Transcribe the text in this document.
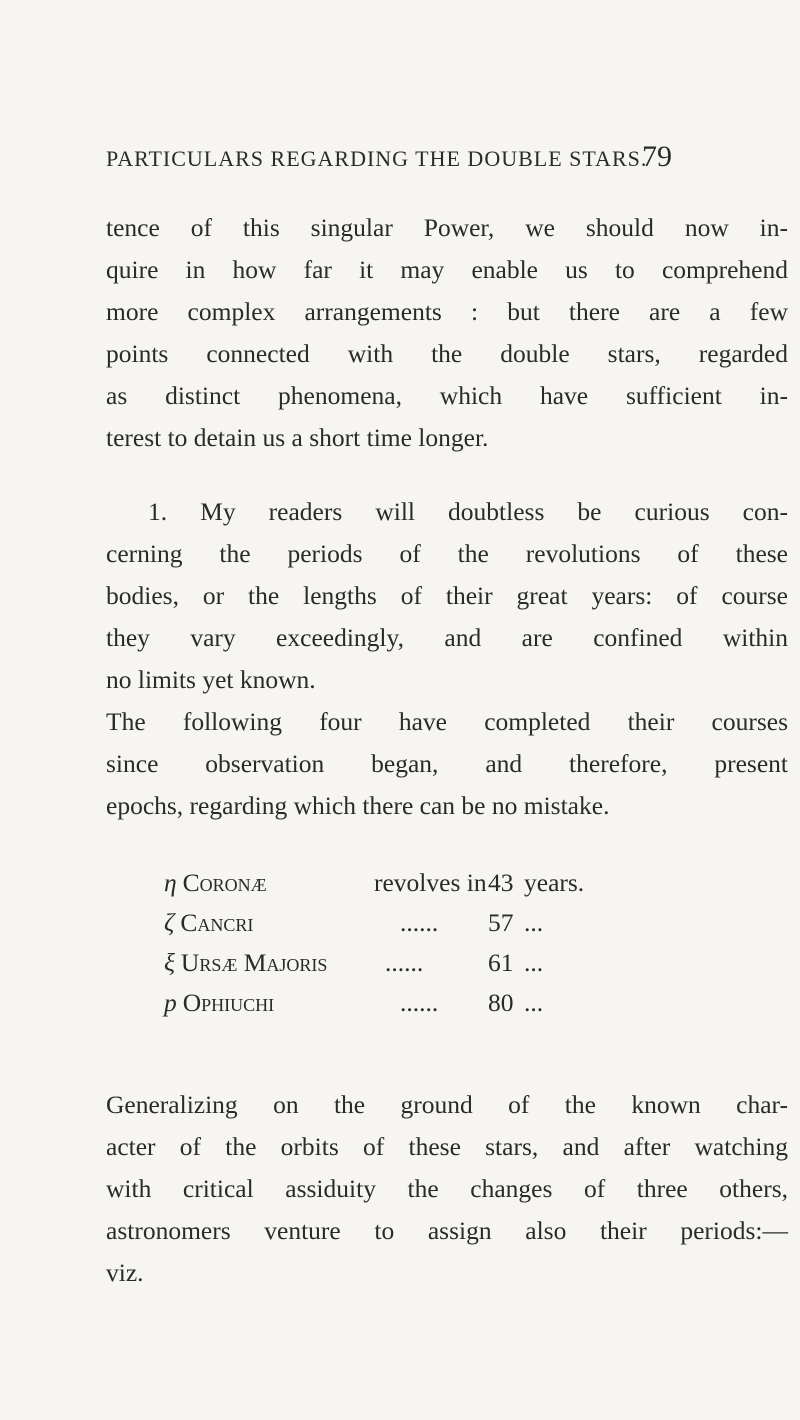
PARTICULARS REGARDING THE DOUBLE STARS.
79
tence of this singular Power, we should now in-
quire in how far it may enable us to comprehend
more complex arrangements : but there are a few
points connected with the double stars, regarded
as distinct phenomena, which have sufficient in-
terest to detain us a short time longer.
1. My readers will doubtless be curious con-
cerning the periods of the revolutions of these
bodies, or the lengths of their great years: of course
they vary exceedingly, and are confined within
no limits yet known.
The following four have completed their courses
since observation began, and therefore, present
epochs, regarding which there can be no mistake.
η Coronæ	revolves in 43 years.
ζ Cancri	...... 57 ...
ξ Ursæ Majoris ......	61 ...
p Ophiuchi	...... 80 ...
Generalizing on the ground of the known char-
acter of the orbits of these stars, and after watching
with critical assiduity the changes of three others,
astronomers venture to assign also their periods:—
viz.
